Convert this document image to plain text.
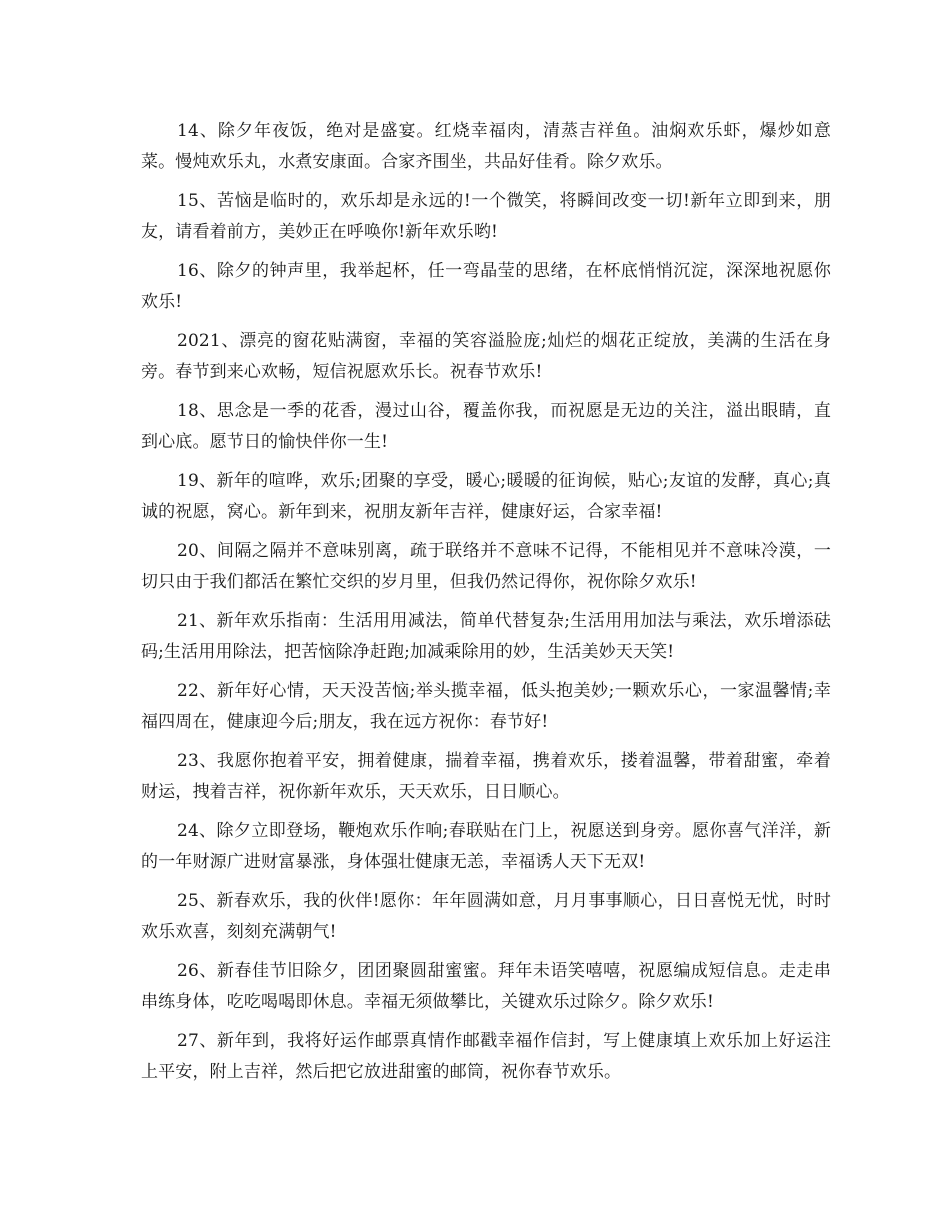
14、除夕年夜饭，绝对是盛宴。红烧幸福肉，清蒸吉祥鱼。油焖欢乐虾，爆炒如意菜。慢炖欢乐丸，水煮安康面。合家齐围坐，共品好佳肴。除夕欢乐。

15、苦恼是临时的，欢乐却是永远的!一个微笑，将瞬间改变一切!新年立即到来，朋友，请看着前方，美妙正在呼唤你!新年欢乐哟!

16、除夕的钟声里，我举起杯，任一弯晶莹的思绪，在杯底悄悄沉淀，深深地祝愿你欢乐!

2021、漂亮的窗花贴满窗，幸福的笑容溢脸庞;灿烂的烟花正绽放，美满的生活在身旁。春节到来心欢畅，短信祝愿欢乐长。祝春节欢乐!

18、思念是一季的花香，漫过山谷，覆盖你我，而祝愿是无边的关注，溢出眼睛，直到心底。愿节日的愉快伴你一生!

19、新年的喧哗，欢乐;团聚的享受，暖心;暖暖的征询候，贴心;友谊的发酵，真心;真诚的祝愿，窝心。新年到来，祝朋友新年吉祥，健康好运，合家幸福!

20、间隔之隔并不意味别离，疏于联络并不意味不记得，不能相见并不意味冷漠，一切只由于我们都活在繁忙交织的岁月里，但我仍然记得你，祝你除夕欢乐!

21、新年欢乐指南：生活用用减法，简单代替复杂;生活用用加法与乘法，欢乐增添砝码;生活用用除法，把苦恼除净赶跑;加减乘除用的妙，生活美妙天天笑!

22、新年好心情，天天没苦恼;举头揽幸福，低头抱美妙;一颗欢乐心，一家温馨情;幸福四周在，健康迎今后;朋友，我在远方祝你：春节好!

23、我愿你抱着平安，拥着健康，揣着幸福，携着欢乐，搂着温馨，带着甜蜜，牵着财运，拽着吉祥，祝你新年欢乐，天天欢乐，日日顺心。

24、除夕立即登场，鞭炮欢乐作响;春联贴在门上，祝愿送到身旁。愿你喜气洋洋，新的一年财源广进财富暴涨，身体强壮健康无恙，幸福诱人天下无双!

25、新春欢乐，我的伙伴!愿你：年年圆满如意，月月事事顺心，日日喜悦无忧，时时欢乐欢喜，刻刻充满朝气!

26、新春佳节旧除夕，团团聚圆甜蜜蜜。拜年未语笑嘻嘻，祝愿编成短信息。走走串串练身体，吃吃喝喝即休息。幸福无须做攀比，关键欢乐过除夕。除夕欢乐!

27、新年到，我将好运作邮票真情作邮戳幸福作信封，写上健康填上欢乐加上好运注上平安，附上吉祥，然后把它放进甜蜜的邮筒，祝你春节欢乐。
